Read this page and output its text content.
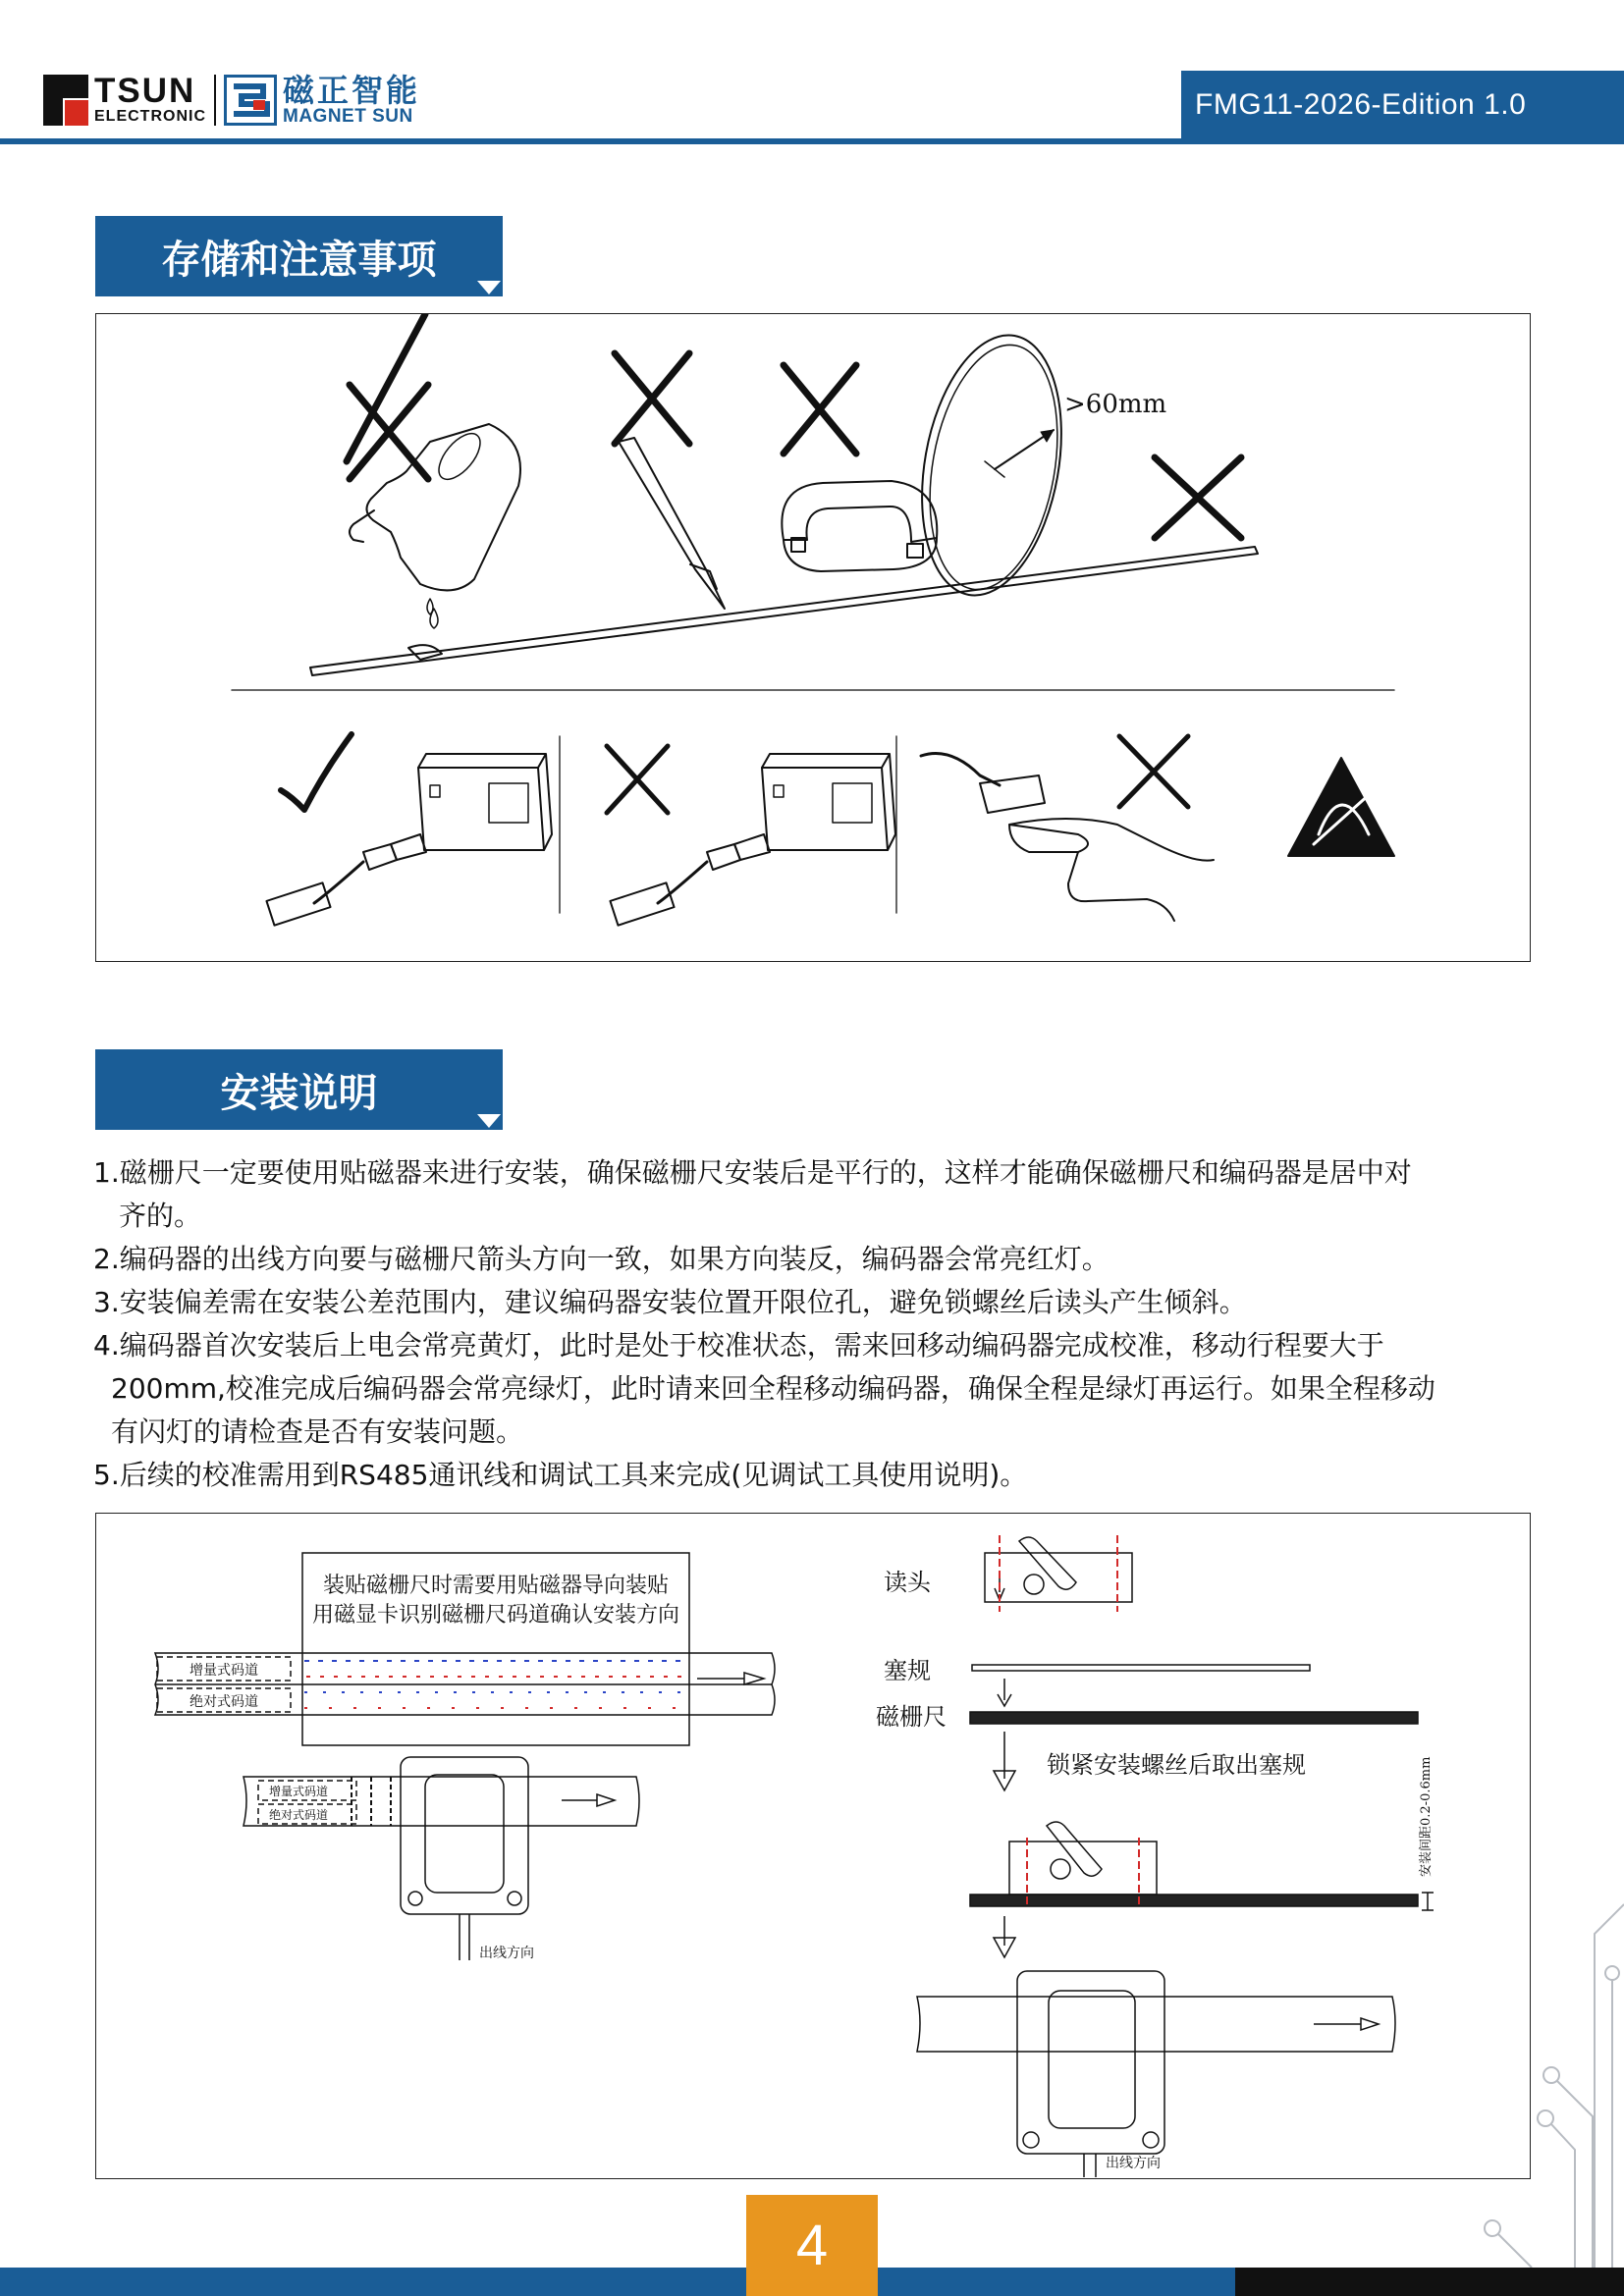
TSUN
ELECTRONIC
磁正智能
MAGNET SUN	FMG11-2026-Edition 1.0
存储和注意事项
>60mm
安装说明
1.磁栅尺一定要使用贴磁器来进行安装，确保磁栅尺安装后是平行的，这样才能确保磁栅尺和编码器是居中对
齐的。
2.编码器的出线方向要与磁栅尺箭头方向一致，如果方向装反，编码器会常亮红灯。
3.安装偏差需在安装公差范围内，建议编码器安装位置开限位孔，避免锁螺丝后读头产生倾斜。
4.编码器首次安装后上电会常亮黄灯，此时是处于校准状态，需来回移动编码器完成校准，移动行程要大于
200mm,校准完成后编码器会常亮绿灯，此时请来回全程移动编码器，确保全程是绿灯再运行。如果全程移动
有闪灯的请检查是否有安装问题。
5.后续的校准需用到RS485通讯线和调试工具来完成(见调试工具使用说明)。
装贴磁栅尺时需要用贴磁器导向装贴
用磁显卡识别磁栅尺码道确认安装方向
增量式码道
绝对式码道
增量式码道
绝对式码道
出线方向
读头
塞规
磁栅尺
锁紧安装螺丝后取出塞规	安装间距0.2-0.6mm
出线方向
4
